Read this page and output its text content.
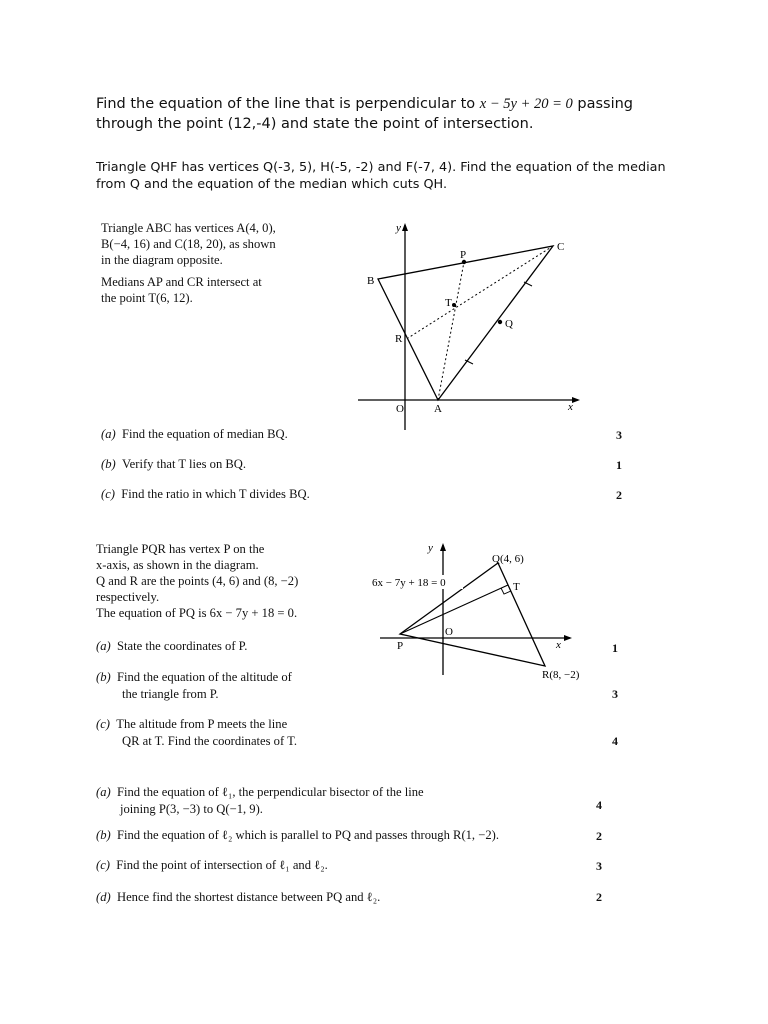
Find the equation of the line that is perpendicular to x − 5y + 20 = 0 passing
through the point (12,-4) and state the point of intersection.
Triangle QHF has vertices Q(-3, 5), H(-5, -2) and F(-7, 4). Find the equation of the median
from Q and the equation of the median which cuts QH.
Triangle ABC has vertices A(4, 0),
B(−4, 16) and C(18, 20), as shown
in the diagram opposite.
Medians AP and CR intersect at
the point T(6, 12).
y
x
O	A
B
C
P
Q
R
T
(a) Find the equation of median BQ.	3
(b) Verify that T lies on BQ.	1
(c) Find the ratio in which T divides BQ.	2
Triangle PQR has vertex P on the
x-axis, as shown in the diagram.
Q and R are the points (4, 6) and (8, −2)
respectively.
The equation of PQ is 6x − 7y + 18 = 0.
(a) State the coordinates of P.	1
(b) Find the equation of the altitude of
the triangle from P.	3
(c) The altitude from P meets the line
QR at T. Find the coordinates of T.	4
y
x
O
6x − 7y + 18 = 0
Q(4, 6)
R(8, −2)
P
T
(a) Find the equation of ℓ₁, the perpendicular bisector of the line
joining P(3, −3) to Q(−1, 9).	4
(b) Find the equation of ℓ₂ which is parallel to PQ and passes through R(1, −2).	2
(c) Find the point of intersection of ℓ₁ and ℓ₂.	3
(d) Hence find the shortest distance between PQ and ℓ₂.	2
